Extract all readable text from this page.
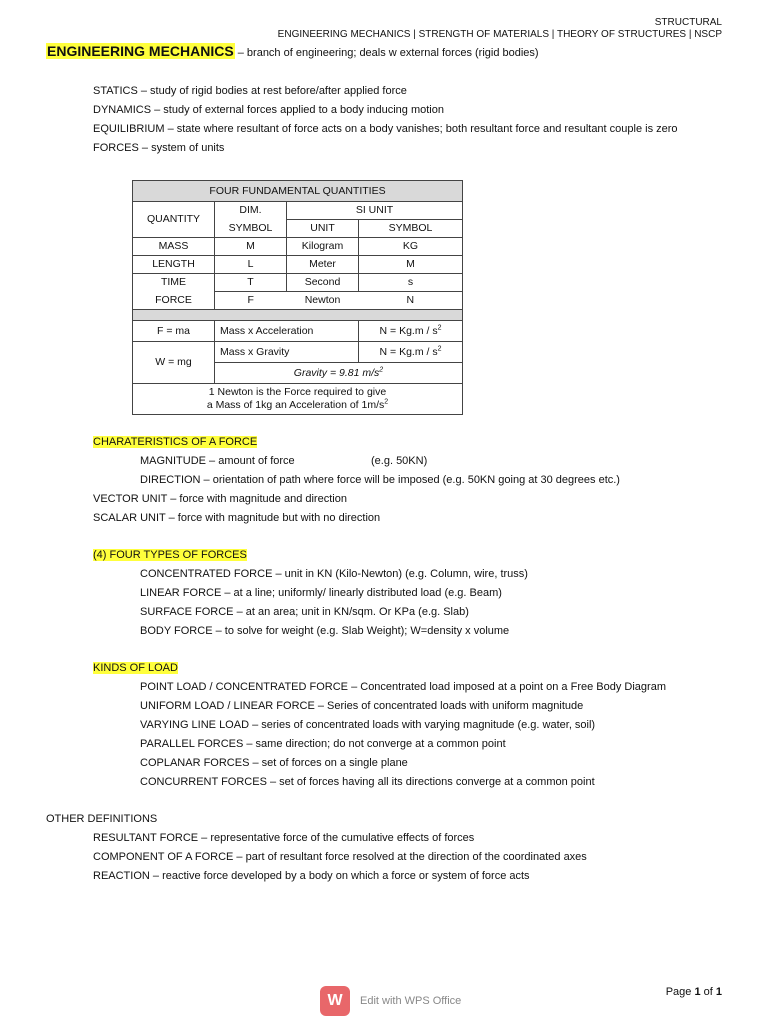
STRUCTURAL
ENGINEERING MECHANICS | STRENGTH OF MATERIALS | THEORY OF STRUCTURES | NSCP
ENGINEERING MECHANICS – branch of engineering; deals w external forces (rigid bodies)
STATICS – study of rigid bodies at rest before/after applied force
DYNAMICS – study of external forces applied to a body inducing motion
EQUILIBRIUM – state where resultant of force acts on a body vanishes; both resultant force and resultant couple is zero
FORCES – system of units
FOUR FUNDAMENTAL QUANTITIES			
QUANTITY	DIM.	SI UNIT	
	SYMBOL	UNIT	SYMBOL
MASS	M	Kilogram	KG
LENGTH	L	Meter	M
TIME	T	Second	s
FORCE	F	Newton	N

F = ma	Mass x Acceleration		$N = Kg.m / s^2$
W = mg	Mass x Gravity		$N = Kg.m / s^2$
	Gravity = 9.81 $m/s^2$

1 Newton is the Force required to give
a Mass of 1kg an Acceleration of $1m/s^2$
CHARATERISTICS OF A FORCE
MAGNITUDE – amount of force	(e.g. 50KN)
DIRECTION – orientation of path where force will be imposed (e.g. 50KN going at 30 degrees etc.)
VECTOR UNIT – force with magnitude and direction
SCALAR UNIT – force with magnitude but with no direction
(4) FOUR TYPES OF FORCES
CONCENTRATED FORCE – unit in KN (Kilo-Newton) (e.g. Column, wire, truss)
LINEAR FORCE – at a line; uniformly/ linearly distributed load (e.g. Beam)
SURFACE FORCE – at an area; unit in KN/sqm. Or KPa (e.g. Slab)
BODY FORCE – to solve for weight (e.g. Slab Weight); W=density x volume
KINDS OF LOAD
POINT LOAD / CONCENTRATED FORCE – Concentrated load imposed at a point on a Free Body Diagram
UNIFORM LOAD / LINEAR FORCE – Series of concentrated loads with uniform magnitude
VARYING LINE LOAD – series of concentrated loads with varying magnitude (e.g. water, soil)
PARALLEL FORCES – same direction; do not converge at a common point
COPLANAR FORCES – set of forces on a single plane
CONCURRENT FORCES – set of forces having all its directions converge at a common point
OTHER DEFINITIONS
RESULTANT FORCE – representative force of the cumulative effects of forces
COMPONENT OF A FORCE – part of resultant force resolved at the direction of the coordinated axes
REACTION – reactive force developed by a body on which a force or system of force acts
W	Edit with WPS Office
Page 1 of 1
